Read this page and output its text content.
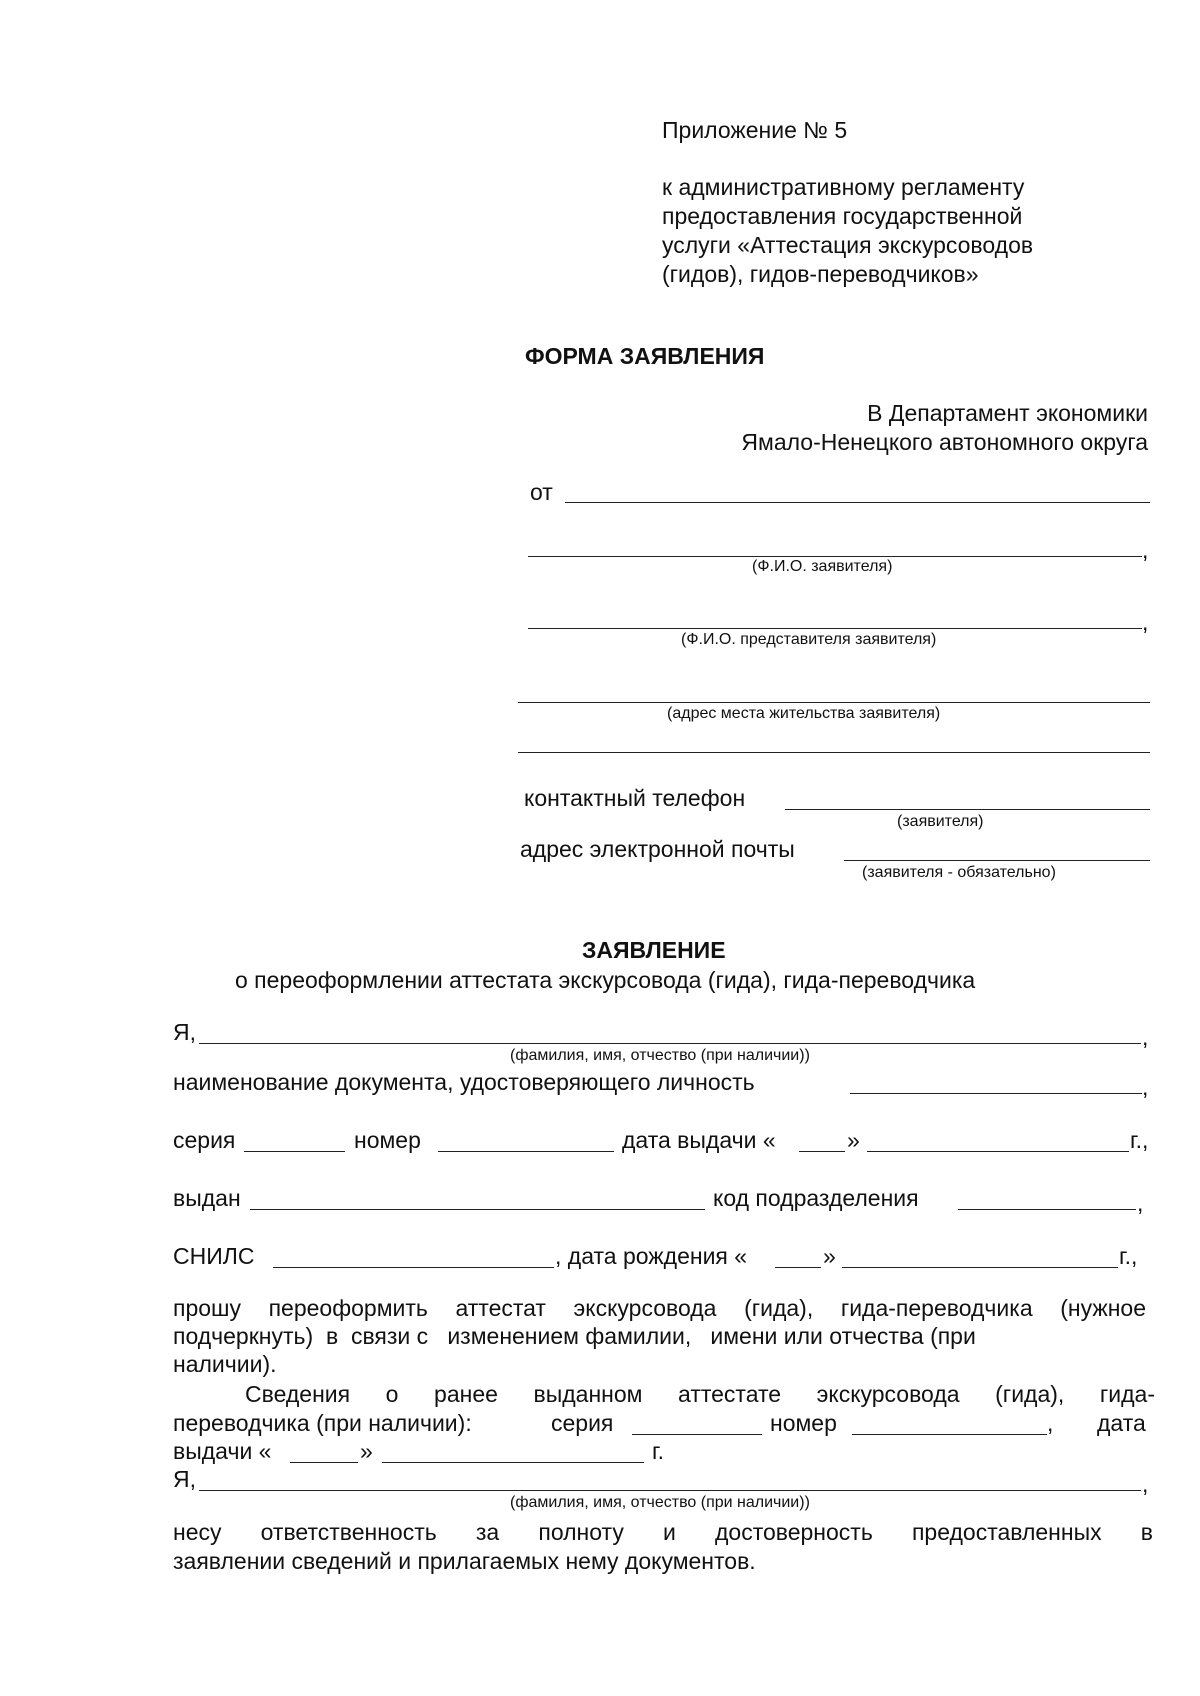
Приложение № 5
к административному регламенту
предоставления государственной
услуги «Аттестация экскурсоводов
(гидов), гидов-переводчиков»
ФОРМА ЗАЯВЛЕНИЯ
В Департамент экономики
Ямало-Ненецкого автономного округа
от
,
(Ф.И.О. заявителя)
,
(Ф.И.О. представителя заявителя)
(адрес места жительства заявителя)
контактный телефон
(заявителя)
адрес электронной почты
(заявителя - обязательно)
ЗАЯВЛЕНИЕ
о переоформлении аттестата экскурсовода (гида), гида-переводчика
Я,	,
(фамилия, имя, отчество (при наличии))
наименование документа, удостоверяющего личность	,
серия	номер	дата выдачи «	»	г.,
выдан	код подразделения	,
СНИЛС	, дата рождения «	»	г.,
прошу переоформить аттестат экскурсовода (гида), гида-переводчика (нужное
подчеркнуть)  в  связи с   изменением фамилии,   имени или отчества (при
наличии).
Сведения о ранее выданном аттестате экскурсовода (гида), гида-
переводчика (при наличии):	серия	номер	, дата
выдачи «	»	г.
Я,	,
(фамилия, имя, отчество (при наличии))
несу ответственность за полноту и достоверность предоставленных в
заявлении сведений и прилагаемых нему документов.
